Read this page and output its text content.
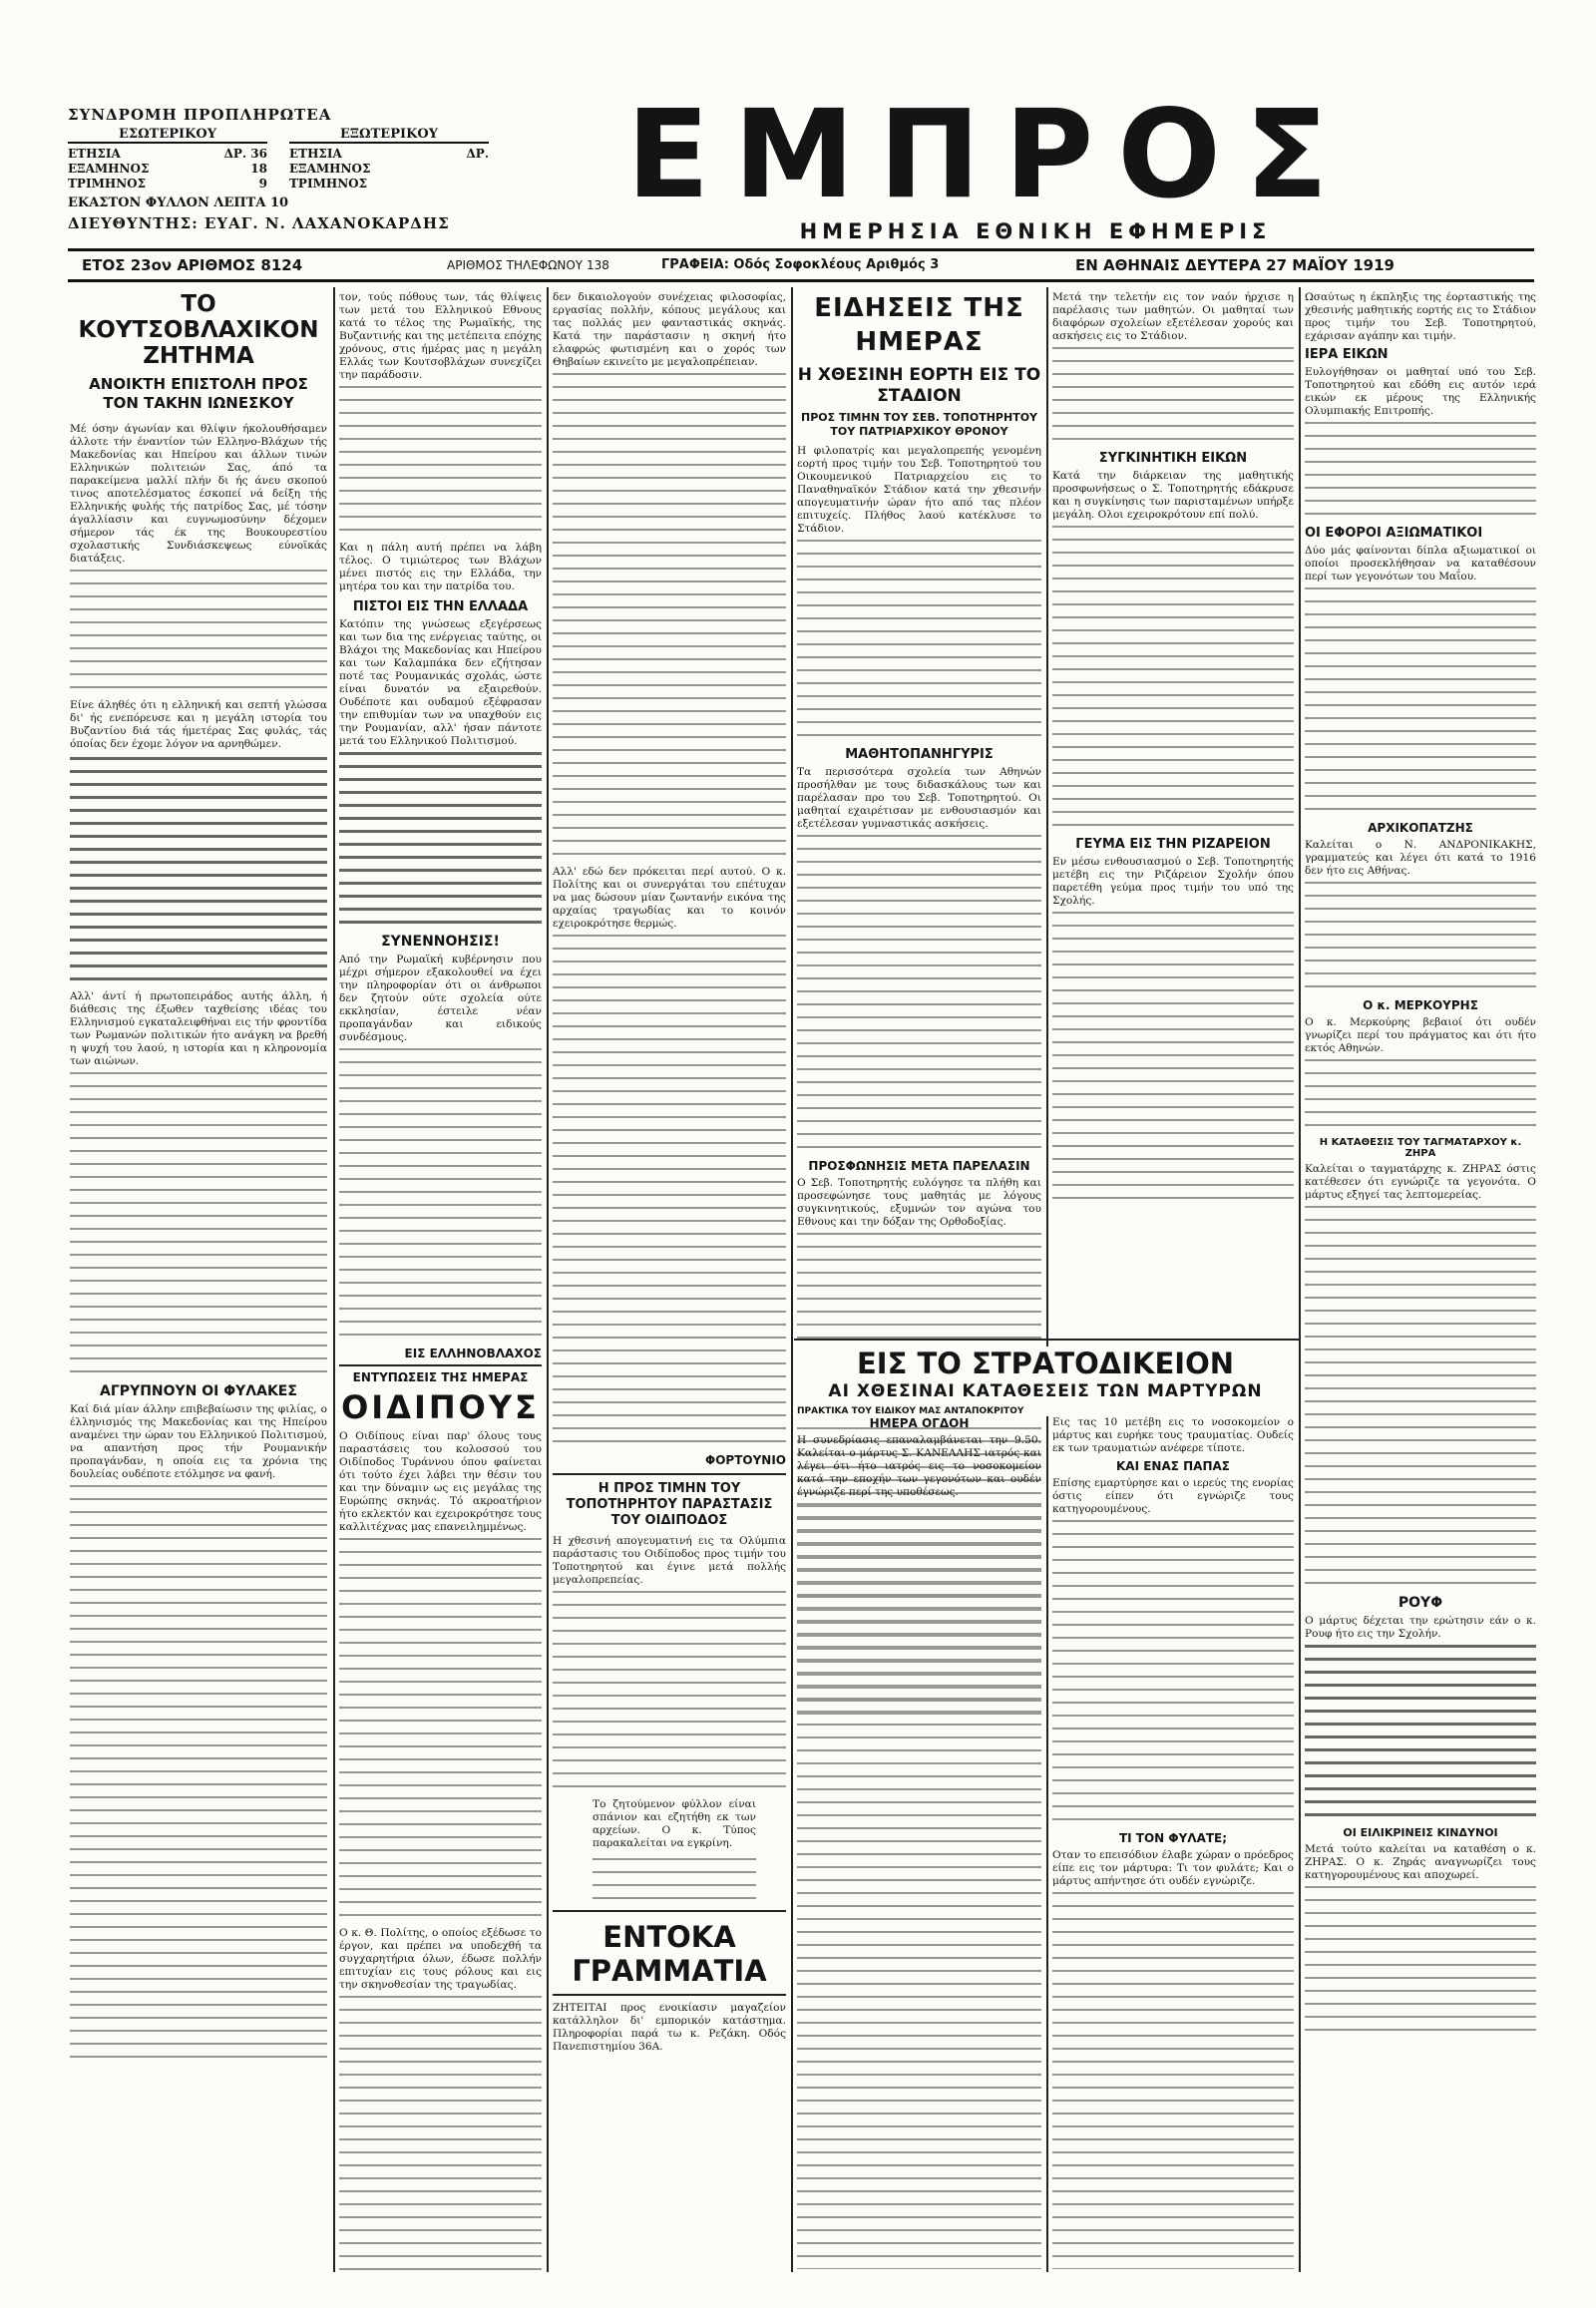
ΣΥΝΔΡΟΜΗ ΠΡΟΠΛΗΡΩΤΕΑ
ΕΣΩΤΕΡΙΚΟΥ
ΕΤΗΣΙΑ	ΔΡ. 36
ΕΞΑΜΗΝΟΣ	18
ΤΡΙΜΗΝΟΣ	9
ΕΞΩΤΕΡΙΚΟΥ
ΕΤΗΣΙΑ	ΔΡ.
ΕΞΑΜΗΝΟΣ
ΤΡΙΜΗΝΟΣ
ΕΚΑΣΤΟΝ ΦΥΛΛΟΝ ΛΕΠΤΑ 10
ΔΙΕΥΘΥΝΤΗΣ: ΕΥΑΓ. Ν. ΛΑΧΑΝΟΚΑΡΔΗΣ	ΕΜΠΡΟΣ
ΗΜΕΡΗΣΙΑ ΕΘΝΙΚΗ ΕΦΗΜΕΡΙΣ
ΕΤΟΣ 23ον ΑΡΙΘΜΟΣ 8124	ΑΡΙΘΜΟΣ ΤΗΛΕΦΩΝΟΥ 138	ΓΡΑΦΕΙΑ: Οδός Σοφοκλέους Αριθμός 3	ΕΝ ΑΘΗΝΑΙΣ ΔΕΥΤΕΡΑ 27 ΜΑΪΟΥ 1919
ΤΟ ΚΟΥΤΣΟΒΛΑΧΙΚΟΝ ΖΗΤΗΜΑ
ΑΝΟΙΚΤΗ ΕΠΙΣΤΟΛΗ ΠΡΟΣ ΤΟΝ ΤΑΚΗΝ ΙΩΝΕΣΚΟΥ
Μέ όσην άγωνίαν και θλίψιν ήκολουθήσαμεν άλλοτε τήν έναντίον τών Ελληνο-Βλάχων τής Μακεδονίας και Ηπείρου και άλλων τινών Ελληνικών πολιτειών Σας, άπό τα παρακείμενα μαλλί πλήν δι ής άνευ σκοπού τινος αποτελέσματος έσκοπεί νά δείξη τής Ελληνικής φυλής τής πατρίδος Σας, μέ τόσην άγαλλίασιν και ευγνωμοσύνην δέχομεν σήμερον τάς έκ της Βουκουρεστίου σχολαστικής Συνδιάσκεψεως εύνοϊκάς διατάξεις.
Είνε άληθές ότι η ελληνική και σεπτή γλώσσα δι' ής ενεπόρευσε και η μεγάλη ιστορία του Βυζαντίου διά τάς ήμετέρας Σας φυλάς, τάς όποίας δεν έχομε λόγον να αρνηθώμεν.
Αλλ' άντί ή πρωτοπειράδος αυτής άλλη, ή διάθεσις της έξωθεν ταχθείσης ιδέας του Ελληνισμού εγκαταλειφθήναι εις τήν φροντίδα των Ρωμανών πολιτικών ήτο ανάγκη να βρεθή η ψυχή του λαού, η ιστορία και η κληρονομία των αιώνων.
ΑΓΡΥΠΝΟΥΝ ΟΙ ΦΥΛΑΚΕΣ
Καί διά μίαν άλλην επιβεβαίωσιν της φιλίας, ο έλληνισμός της Μακεδονίας και της Ηπείρου αναμένει την ώραν του Ελληνικού Πολιτισμού, να απαντήση προς τήν Ρουμανικήν προπαγάνδαν, η οποία εις τα χρόνια της δουλείας ουδέποτε ετόλμησε να φανή.
τον, τούς πόθους των, τάς θλίψεις των μετά του Ελληνικού Εθνους κατά το τέλος της Ρωμαϊκής, της Βυζαντινής και της μετέπειτα επόχης χρόνους, στις ήμέρας μας η μεγάλη Ελλάς των Κουτσοβλάχων συνεχίζει την παράδοσιν.
Και η πάλη αυτή πρέπει να λάβη τέλος. Ο τιμιώτερος των Βλάχων μένει πιστός εις την Ελλάδα, την μητέρα του και την πατρίδα του.
ΠΙΣΤΟΙ ΕΙΣ ΤΗΝ ΕΛΛΑΔΑ
Κατόπιν της γνώσεως εξεγέρσεως και των δια της ενέργειας ταύτης, οι Βλάχοι της Μακεδονίας και Ηπείρου και των Καλαμπάκα δεν εζήτησαν ποτέ τας Ρουμανικάς σχολάς, ώστε είναι δυνατόν να εξαιρεθούν. Ουδέποτε και ουδαμού εξέφρασαν την επιθυμίαν των να υπαχθούν εις την Ρουμανίαν, αλλ' ήσαν πάντοτε μετά του Ελληνικού Πολιτισμού.
ΣΥΝΕΝΝΟΗΣΙΣ!
Από την Ρωμαϊκή κυβέρνησιν που μέχρι σήμερον εξακολουθεί να έχει την πληροφορίαν ότι οι άνθρωποι δεν ζητούν ούτε σχολεία ούτε εκκλησίαν, έστειλε νέαν προπαγάνδαν και ειδικούς συνδέσμους.
ΕΙΣ ΕΛΛΗΝΟΒΛΑΧΟΣ
ΕΝΤΥΠΩΣΕΙΣ ΤΗΣ ΗΜΕΡΑΣ
ΟΙΔΙΠΟΥΣ
Ο Οιδίπους είναι παρ' όλους τους παραστάσεις του κολοσσού του Οιδίποδος Τυράννου όπου φαίνεται ότι τούτο έχει λάβει την θέσιν του και την δύναμιν ως εις μεγάλας της Ευρώπης σκηνάς. Τό ακροατήριον ήτο εκλεκτόν και εχειροκρότησε τους καλλιτέχνας μας επανειλημμένως.
Ο κ. Θ. Πολίτης, ο οποίος εξέδωσε το έργον, και πρέπει να υποδεχθή τα συγχαρητήρια όλων, έδωσε πολλήν επιτυχίαν εις τους ρόλους και εις την σκηνοθεσίαν της τραγωδίας.
δεν δικαιολογούν συνέχειας φιλοσοφίας, εργασίας πολλήν, κόπους μεγάλους και τας πολλάς μεν φανταστικάς σκηνάς. Κατά την παράστασιν η σκηνή ήτο ελαφρώς φωτισμένη και ο χορός των Θηβαίων εκινείτο με μεγαλοπρέπειαν.
Αλλ' εδώ δεν πρόκειται περί αυτού. Ο κ. Πολίτης και οι συνεργάται του επέτυχαν να μας δώσουν μίαν ζωντανήν εικόνα της αρχαίας τραγωδίας και το κοινόν εχειροκρότησε θερμώς.
ΦΟΡΤΟΥΝΙΟ
Η ΠΡΟΣ ΤΙΜΗΝ ΤΟΥ ΤΟΠΟΤΗΡΗΤΟΥ ΠΑΡΑΣΤΑΣΙΣ ΤΟΥ ΟΙΔΙΠΟΔΟΣ
Η χθεσινή απογευματινή εις τα Ολύμπια παράστασις του Οιδίποδος προς τιμήν του Τοποτηρητού και έγινε μετά πολλής μεγαλοπρεπείας.
Το ζητούμενον φύλλον είναι σπάνιον και εζητήθη εκ των αρχείων. Ο κ. Τύπος παρακαλείται να εγκρίνη.
ΕΝΤΟΚΑ ΓΡΑΜΜΑΤΙΑ
ΖΗΤΕΙΤΑΙ προς ενοικίασιν μαγαζείον κατάλληλον δι' εμπορικόν κατάστημα. Πληροφορίαι παρά τω κ. Ρεζάκη. Οδός Πανεπιστημίου 36Α.
ΕΙΔΗΣΕΙΣ ΤΗΣ ΗΜΕΡΑΣ
Η ΧΘΕΣΙΝΗ ΕΟΡΤΗ ΕΙΣ ΤΟ ΣΤΑΔΙΟΝ
ΠΡΟΣ ΤΙΜΗΝ ΤΟΥ ΣΕΒ. ΤΟΠΟΤΗΡΗΤΟΥ ΤΟΥ ΠΑΤΡΙΑΡΧΙΚΟΥ ΘΡΟΝΟΥ
Η φιλοπατρίς και μεγαλοπρεπής γενομένη εορτή προς τιμήν του Σεβ. Τοποτηρητού του Οικουμενικού Πατριαρχείου εις το Παναθηναϊκόν Στάδιον κατά την χθεσινήν απογευματινήν ώραν ήτο από τας πλέον επιτυχείς. Πλήθος λαού κατέκλυσε το Στάδιον.
ΜΑΘΗΤΟΠΑΝΗΓΥΡΙΣ
Τα περισσότερα σχολεία των Αθηνών προσήλθαν με τους διδασκάλους των και παρέλασαν προ του Σεβ. Τοποτηρητού. Οι μαθηταί εχαιρέτισαν με ενθουσιασμόν και εξετέλεσαν γυμναστικάς ασκήσεις.
ΠΡΟΣΦΩΝΗΣΙΣ ΜΕΤΑ ΠΑΡΕΛΑΣΙΝ
Ο Σεβ. Τοποτηρητής ευλόγησε τα πλήθη και προσεφώνησε τους μαθητάς με λόγους συγκινητικούς, εξυμνών τον αγώνα του Εθνους και την δόξαν της Ορθοδοξίας.
Μετά την τελετήν εις τον ναόν ήρχισε η παρέλασις των μαθητών. Οι μαθηταί των διαφόρων σχολείων εξετέλεσαν χορούς και ασκήσεις εις το Στάδιον.
ΣΥΓΚΙΝΗΤΙΚΗ ΕΙΚΩΝ
Κατά την διάρκειαν της μαθητικής προσφωνήσεως ο Σ. Τοποτηρητής εδάκρυσε και η συγκίνησις των παρισταμένων υπήρξε μεγάλη. Ολοι εχειροκρότουν επί πολύ.
ΓΕΥΜΑ ΕΙΣ ΤΗΝ ΡΙΖΑΡΕΙΟΝ
Εν μέσω ενθουσιασμού ο Σεβ. Τοποτηρητής μετέβη εις την Ριζάρειον Σχολήν όπου παρετέθη γεύμα προς τιμήν του υπό της Σχολής.
ΕΙΣ ΤΟ ΣΤΡΑΤΟΔΙΚΕΙΟΝ
ΑΙ ΧΘΕΣΙΝΑΙ ΚΑΤΑΘΕΣΕΙΣ ΤΩΝ ΜΑΡΤΥΡΩΝ
ΠΡΑΚΤΙΚΑ ΤΟΥ ΕΙΔΙΚΟΥ ΜΑΣ ΑΝΤΑΠΟΚΡΙΤΟΥ
ΗΜΕΡΑ ΟΓΔΟΗ
Η συνεδρίασις επαναλαμβάνεται την 9.50. Καλείται ο μάρτυς Σ. ΚΑΝΕΛΛΗΣ ιατρός και λέγει ότι ήτο ιατρός εις το νοσοκομείον κατά την εποχήν των γεγονότων και ουδέν έγνώριζε περί της υποθέσεως.
Εις τας 10 μετέβη εις το νοσοκομείον ο μάρτυς και ευρήκε τους τραυματίας. Ουδείς εκ των τραυματιών ανέφερε τίποτε.
ΚΑΙ ΕΝΑΣ ΠΑΠΑΣ
Επίσης εμαρτύρησε και ο ιερεύς της ενορίας όστις είπεν ότι εγνώριζε τους κατηγορουμένους.
ΤΙ ΤΟΝ ΦΥΛΑΤΕ;
Οταν το επεισόδιον έλαβε χώραν ο πρόεδρος είπε εις τον μάρτυρα: Τι τον φυλάτε; Και ο μάρτυς απήντησε ότι ουδέν εγνώριζε.
Ωσαύτως η έκπληξις της έορταστικής της χθεσινής μαθητικής εορτής εις το Στάδιον προς τιμήν του Σεβ. Τοποτηρητού, εχάρισαν αγάπην και τιμήν.
ΙΕΡΑ ΕΙΚΩΝ
Ευλογήθησαν οι μαθηταί υπό του Σεβ. Τοποτηρητού και εδόθη εις αυτόν ιερά εικών εκ μέρους της Ελληνικής Ολυμπιακής Επιτροπής.
ΟΙ ΕΦΟΡΟΙ ΑΞΙΩΜΑΤΙΚΟΙ
Δύο μάς φαίνονται δίπλα αξιωματικοί οι οποίοι προσεκλήθησαν να καταθέσουν περί των γεγονότων του Μαΐου.
ΑΡΧΙΚΟΠΑΤΖΗΣ
Καλείται ο Ν. ΑΝΔΡΟΝΙΚΑΚΗΣ, γραμματεύς και λέγει ότι κατά το 1916 δεν ήτο εις Αθήνας.
Ο κ. ΜΕΡΚΟΥΡΗΣ
Ο κ. Μερκούρης βεβαιοί ότι ουδέν γνωρίζει περί του πράγματος και ότι ήτο εκτός Αθηνών.
Η ΚΑΤΑΘΕΣΙΣ ΤΟΥ ΤΑΓΜΑΤΑΡΧΟΥ κ. ΖΗΡΑ
Καλείται ο ταγματάρχης κ. ΖΗΡΑΣ όστις κατέθεσεν ότι εγνώριζε τα γεγονότα. Ο μάρτυς εξηγεί τας λεπτομερείας.
ΡΟΥΦ
Ο μάρτυς δέχεται την ερώτησιν εάν ο κ. Ρουφ ήτο εις την Σχολήν.
ΟΙ ΕΙΛΙΚΡΙΝΕΙΣ ΚΙΝΔΥΝΟΙ
Μετά τούτο καλείται να καταθέση ο κ. ΖΗΡΑΣ. Ο κ. Ζηράς αναγνωρίζει τους κατηγορουμένους και αποχωρεί.
